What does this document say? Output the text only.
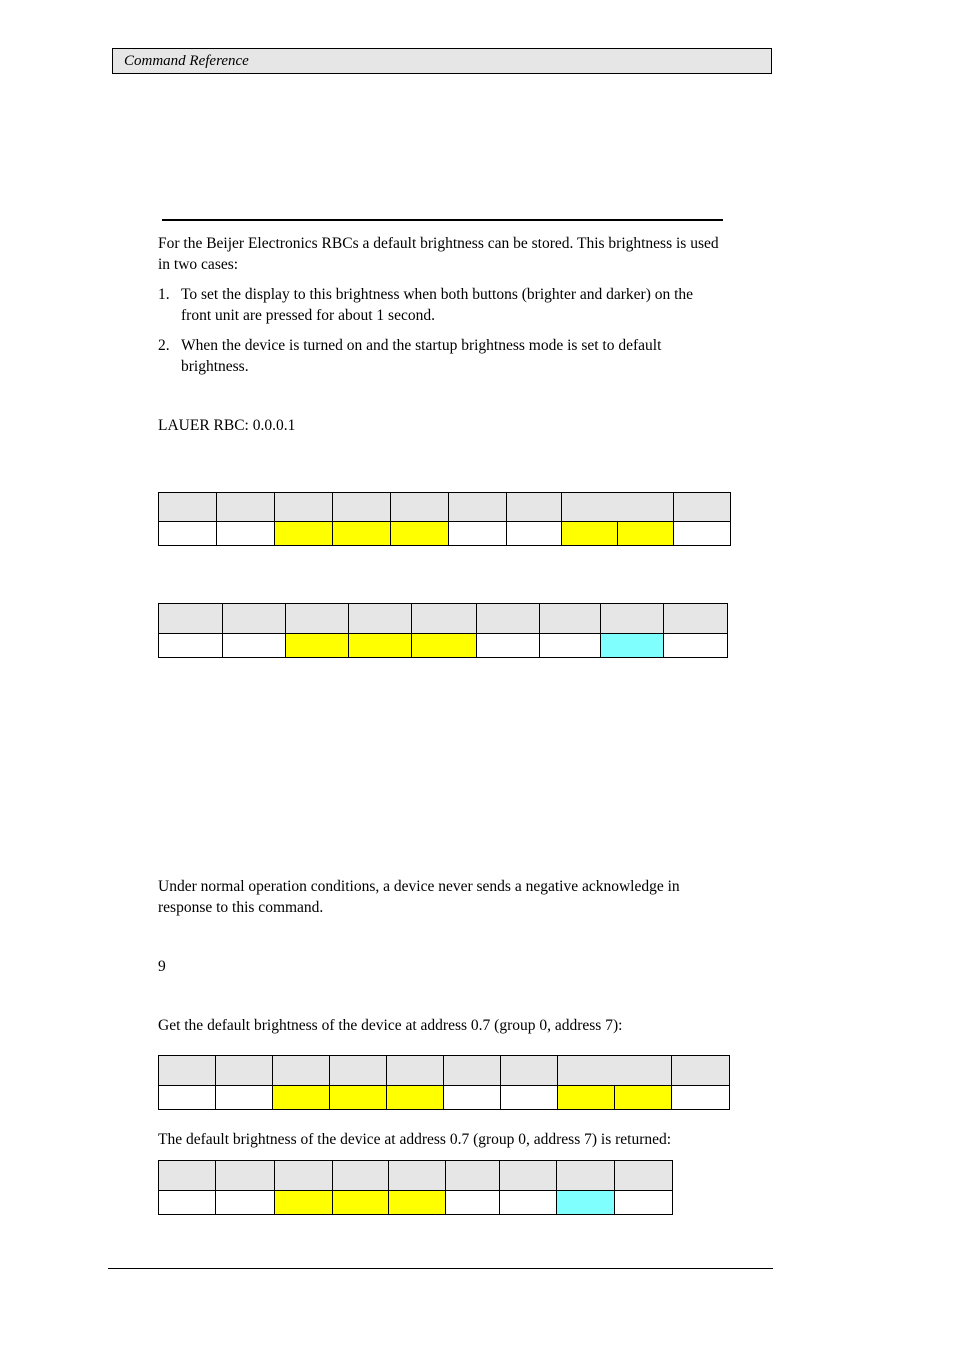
Command Reference

For the Beijer Electronics RBCs a default brightness can be stored. This brightness is used in two cases:

1. To set the display to this brightness when both buttons (brighter and darker) on the front unit are pressed for about 1 second.
2. When the device is turned on and the startup brightness mode is set to default brightness.

LAUER RBC: 0.0.0.1

Under normal operation conditions, a device never sends a negative acknowledge in response to this command.

9

Get the default brightness of the device at address 0.7 (group 0, address 7):

The default brightness of the device at address 0.7 (group 0, address 7) is returned:
